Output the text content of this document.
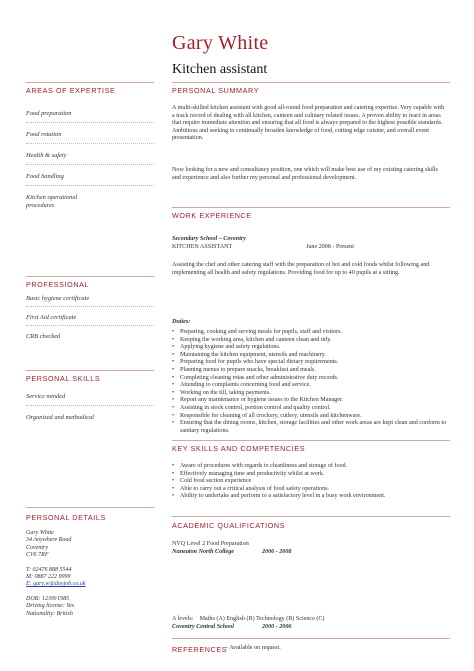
Gary White
Kitchen assistant
AREAS OF EXPERTISE
Food preparation
Food rotation
Health & safety
Food handling
Kitchen operational procedures
PROFESSIONAL
Basic hygiene certificate
First Aid certificate
CRB checked
PERSONAL SKILLS
Service minded
Organized and methodical
PERSONAL DETAILS
Gary White
34 Anywhere Road
Coventry
CV6 7RF
T: 02476 888 5544
M: 0887 222 9999
E: gary.w@dayjob.co.uk
DOB: 12/09/1985
Driving license: Yes
Nationality: British
PERSONAL SUMMARY
A multi-skilled kitchen assistant with good all-round food preparation and catering expertise. Very capable with a track record of dealing with all kitchen, canteen and culinary related issues. A proven ability to react in areas that require immediate attention and ensuring that all food is always prepared to the highest possible standards. Ambitious and seeking to continually broaden knowledge of food, cutting edge cuisine, and overall event presentation.
Now looking for a new and consultancy position, one which will make best use of my existing catering skills and experience and also further my personal and professional development.
WORK EXPERIENCE
Secondary School – Coventry
KITCHEN ASSISTANT	June 2008 - Present
Assisting the chef and other catering staff with the preparation of hot and cold foods whilst following and implementing all health and safety regulations. Providing food for up to 40 pupils at a sitting.
Duties:
• Preparing, cooking and serving meals for pupils, staff and visitors.
• Keeping the working area, kitchen and canteen clean and tidy.
• Applying hygiene and safety regulations.
• Maintaining the kitchen equipment, utensils and machinery.
• Preparing food for pupils who have special dietary requirements.
• Planning menus to prepare snacks, breakfast and meals.
• Completing cleaning rotas and other administrative duty records.
• Attending to complaints concerning food and service.
• Working on the till, taking payments.
• Report any maintenance or hygiene issues to the Kitchen Manager.
• Assisting in stock control, portion control and quality control.
• Responsible for cleaning of all crockery, cutlery, utensils and kitchenware.
• Ensuring that the dining rooms, kitchen, storage facilities and other work areas are kept clean and conform to sanitary regulations.
KEY SKILLS AND COMPETENCIES
• Aware of procedures with regards to cleanliness and storage of food.
• Effectively managing time and productivity whilst at work.
• Cold food section experience
• Able to carry out a critical analysis of food safety operations.
• Ability to undertake and perform to a satisfactory level in a busy work environment.
ACADEMIC QUALIFICATIONS
NVQ Level 2 Food Preparation
Nuneaton North College	2006 - 2008
A levels:    Maths (A) English (B) Technology (B) Science (C)
Coventry Central School	2000 - 2006
REFERENCES
– Available on request.
